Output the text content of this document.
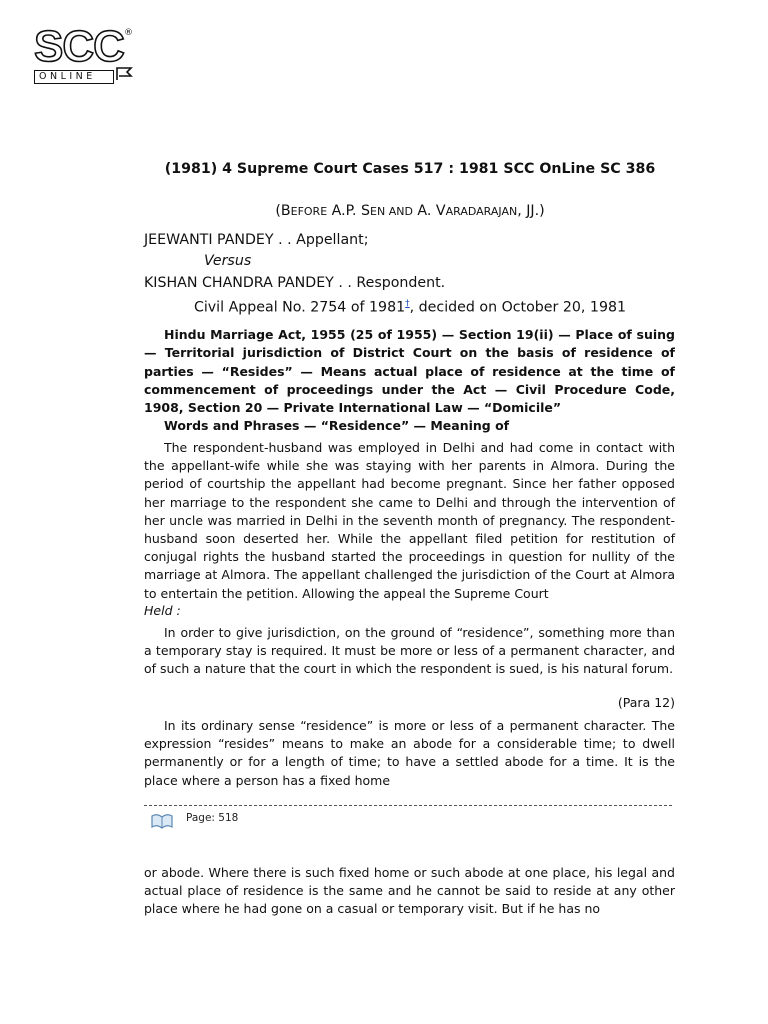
SCC ®
ONLINE
(1981) 4 Supreme Court Cases 517 : 1981 SCC OnLine SC 386
(BEFORE A.P. SEN AND A. VARADARAJAN, JJ.)
JEEWANTI PANDEY . . Appellant;
Versus
KISHAN CHANDRA PANDEY . . Respondent.
Civil Appeal No. 2754 of 1981†, decided on October 20, 1981

Hindu Marriage Act, 1955 (25 of 1955) — Section 19(ii) — Place of suing — Territorial jurisdiction of District Court on the basis of residence of parties — “Resides” — Means actual place of residence at the time of commencement of proceedings under the Act — Civil Procedure Code, 1908, Section 20 — Private International Law — “Domicile”

Words and Phrases — “Residence” — Meaning of

The respondent-husband was employed in Delhi and had come in contact with the appellant-wife while she was staying with her parents in Almora. During the period of courtship the appellant had become pregnant. Since her father opposed her marriage to the respondent she came to Delhi and through the intervention of her uncle was married in Delhi in the seventh month of pregnancy. The respondent-husband soon deserted her. While the appellant filed petition for restitution of conjugal rights the husband started the proceedings in question for nullity of the marriage at Almora. The appellant challenged the jurisdiction of the Court at Almora to entertain the petition. Allowing the appeal the Supreme Court

Held :

In order to give jurisdiction, on the ground of “residence”, something more than a temporary stay is required. It must be more or less of a permanent character, and of such a nature that the court in which the respondent is sued, is his natural forum.

(Para 12)

In its ordinary sense “residence” is more or less of a permanent character. The expression “resides” means to make an abode for a considerable time; to dwell permanently or for a length of time; to have a settled abode for a time. It is the place where a person has a fixed home

Page: 518

or abode. Where there is such fixed home or such abode at one place, his legal and actual place of residence is the same and he cannot be said to reside at any other place where he had gone on a casual or temporary visit. But if he has no
